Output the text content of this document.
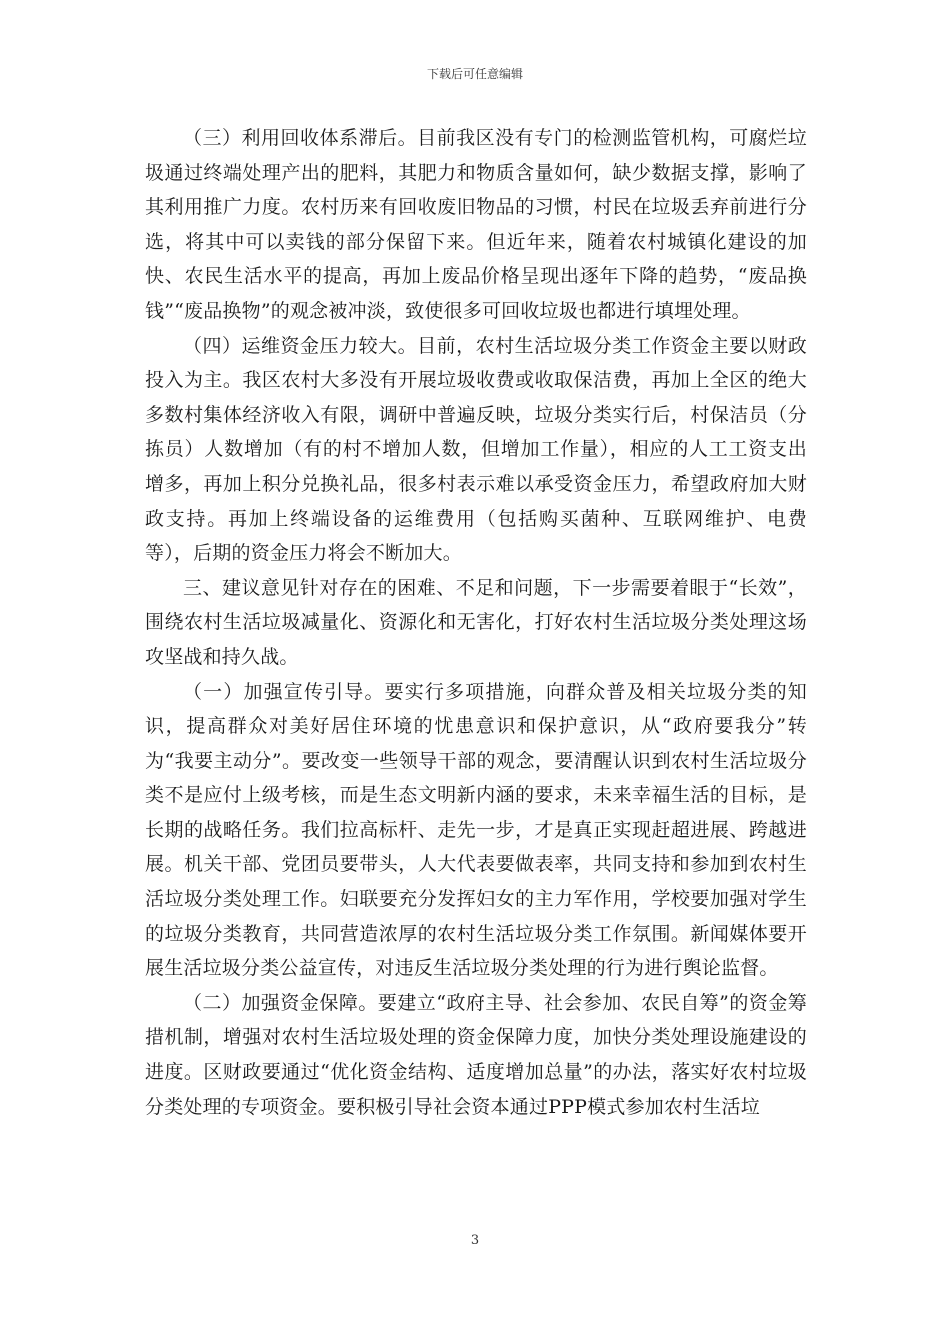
下载后可任意编辑

（三）利用回收体系滞后。目前我区没有专门的检测监管机构，可腐烂垃圾通过终端处理产出的肥料，其肥力和物质含量如何，缺少数据支撑，影响了其利用推广力度。农村历来有回收废旧物品的习惯，村民在垃圾丢弃前进行分选，将其中可以卖钱的部分保留下来。但近年来，随着农村城镇化建设的加快、农民生活水平的提高，再加上废品价格呈现出逐年下降的趋势，“废品换钱”“废品换物”的观念被冲淡，致使很多可回收垃圾也都进行填埋处理。

（四）运维资金压力较大。目前，农村生活垃圾分类工作资金主要以财政投入为主。我区农村大多没有开展垃圾收费或收取保洁费，再加上全区的绝大多数村集体经济收入有限，调研中普遍反映，垃圾分类实行后，村保洁员（分拣员）人数增加（有的村不增加人数，但增加工作量），相应的人工工资支出增多，再加上积分兑换礼品，很多村表示难以承受资金压力，希望政府加大财政支持。再加上终端设备的运维费用（包括购买菌种、互联网维护、电费等），后期的资金压力将会不断加大。

三、建议意见针对存在的困难、不足和问题，下一步需要着眼于“长效”，围绕农村生活垃圾减量化、资源化和无害化，打好农村生活垃圾分类处理这场攻坚战和持久战。

（一）加强宣传引导。要实行多项措施，向群众普及相关垃圾分类的知识，提高群众对美好居住环境的忧患意识和保护意识，从“政府要我分”转为“我要主动分”。要改变一些领导干部的观念，要清醒认识到农村生活垃圾分类不是应付上级考核，而是生态文明新内涵的要求，未来幸福生活的目标，是长期的战略任务。我们拉高标杆、走先一步，才是真正实现赶超进展、跨越进展。机关干部、党团员要带头，人大代表要做表率，共同支持和参加到农村生活垃圾分类处理工作。妇联要充分发挥妇女的主力军作用，学校要加强对学生的垃圾分类教育，共同营造浓厚的农村生活垃圾分类工作氛围。新闻媒体要开展生活垃圾分类公益宣传，对违反生活垃圾分类处理的行为进行舆论监督。

（二）加强资金保障。要建立“政府主导、社会参加、农民自筹”的资金筹措机制，增强对农村生活垃圾处理的资金保障力度，加快分类处理设施建设的进度。区财政要通过“优化资金结构、适度增加总量”的办法，落实好农村垃圾分类处理的专项资金。要积极引导社会资本通过PPP模式参加农村生活垃

3
